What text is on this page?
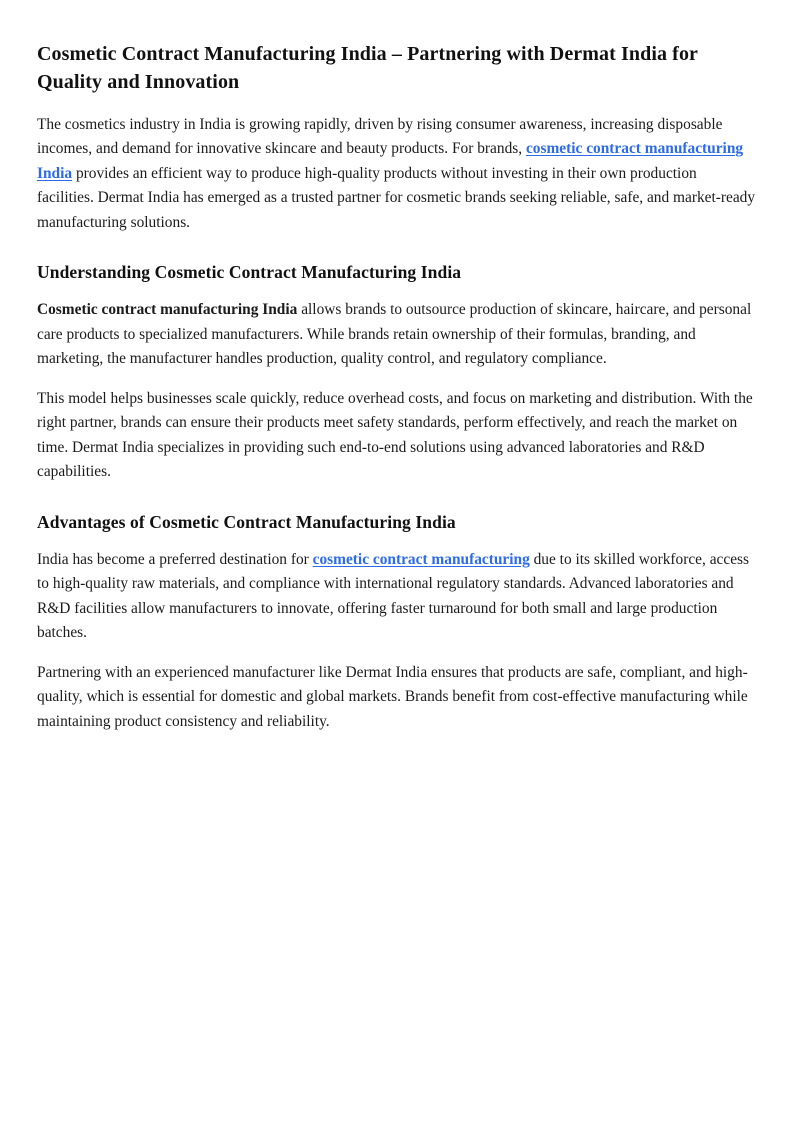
Cosmetic Contract Manufacturing India – Partnering with Dermat India for Quality and Innovation

The cosmetics industry in India is growing rapidly, driven by rising consumer awareness, increasing disposable incomes, and demand for innovative skincare and beauty products. For brands, cosmetic contract manufacturing India provides an efficient way to produce high-quality products without investing in their own production facilities. Dermat India has emerged as a trusted partner for cosmetic brands seeking reliable, safe, and market-ready manufacturing solutions.

Understanding Cosmetic Contract Manufacturing India

Cosmetic contract manufacturing India allows brands to outsource production of skincare, haircare, and personal care products to specialized manufacturers. While brands retain ownership of their formulas, branding, and marketing, the manufacturer handles production, quality control, and regulatory compliance.

This model helps businesses scale quickly, reduce overhead costs, and focus on marketing and distribution. With the right partner, brands can ensure their products meet safety standards, perform effectively, and reach the market on time. Dermat India specializes in providing such end-to-end solutions using advanced laboratories and R&D capabilities.

Advantages of Cosmetic Contract Manufacturing India

India has become a preferred destination for cosmetic contract manufacturing due to its skilled workforce, access to high-quality raw materials, and compliance with international regulatory standards. Advanced laboratories and R&D facilities allow manufacturers to innovate, offering faster turnaround for both small and large production batches.

Partnering with an experienced manufacturer like Dermat India ensures that products are safe, compliant, and high-quality, which is essential for domestic and global markets. Brands benefit from cost-effective manufacturing while maintaining product consistency and reliability.
